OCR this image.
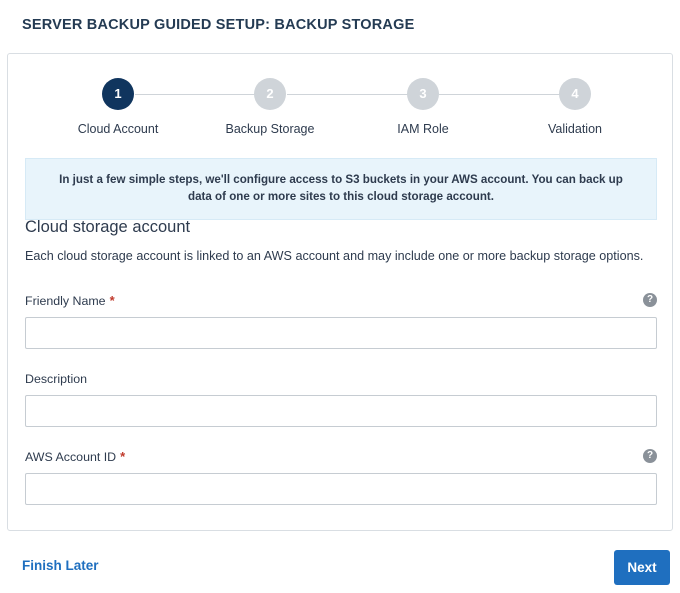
SERVER BACKUP GUIDED SETUP: BACKUP STORAGE
1
Cloud Account
2
Backup Storage
3
IAM Role
4
Validation
In just a few simple steps, we'll configure access to S3 buckets in your AWS account. You can back up data of one or more sites to this cloud storage account.
Cloud storage account
Each cloud storage account is linked to an AWS account and may include one or more backup storage options.
Friendly Name *	?
Description
AWS Account ID *	?
Finish Later	Next
